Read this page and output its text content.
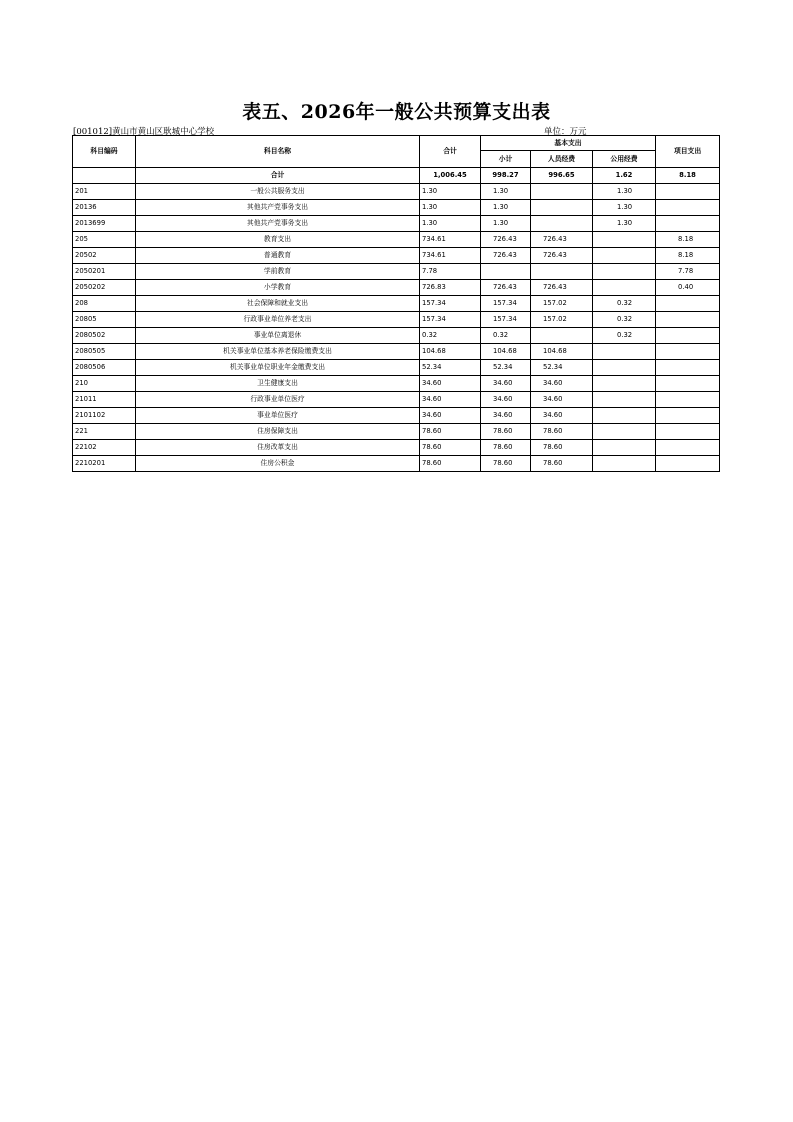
表五、2026年一般公共预算支出表
[001012]黄山市黄山区耿城中心学校	单位：万元
科目编码	科目名称	合计	基本支出			项目支出
			小计	人员经费	公用经费	
	合计	1,006.45	998.27	996.65	1.62	8.18
201	一般公共服务支出	1.30	1.30		1.30	
20136	其他共产党事务支出	1.30	1.30		1.30	
2013699	其他共产党事务支出	1.30	1.30		1.30	
205	教育支出	734.61	726.43	726.43		8.18
20502	普通教育	734.61	726.43	726.43		8.18
2050201	学前教育	7.78				7.78
2050202	小学教育	726.83	726.43	726.43		0.40
208	社会保障和就业支出	157.34	157.34	157.02	0.32	
20805	行政事业单位养老支出	157.34	157.34	157.02	0.32	
2080502	事业单位离退休	0.32	0.32		0.32	
2080505	机关事业单位基本养老保险缴费支出	104.68	104.68	104.68		
2080506	机关事业单位职业年金缴费支出	52.34	52.34	52.34		
210	卫生健康支出	34.60	34.60	34.60		
21011	行政事业单位医疗	34.60	34.60	34.60		
2101102	事业单位医疗	34.60	34.60	34.60		
221	住房保障支出	78.60	78.60	78.60		
22102	住房改革支出	78.60	78.60	78.60		
2210201	住房公积金	78.60	78.60	78.60		
